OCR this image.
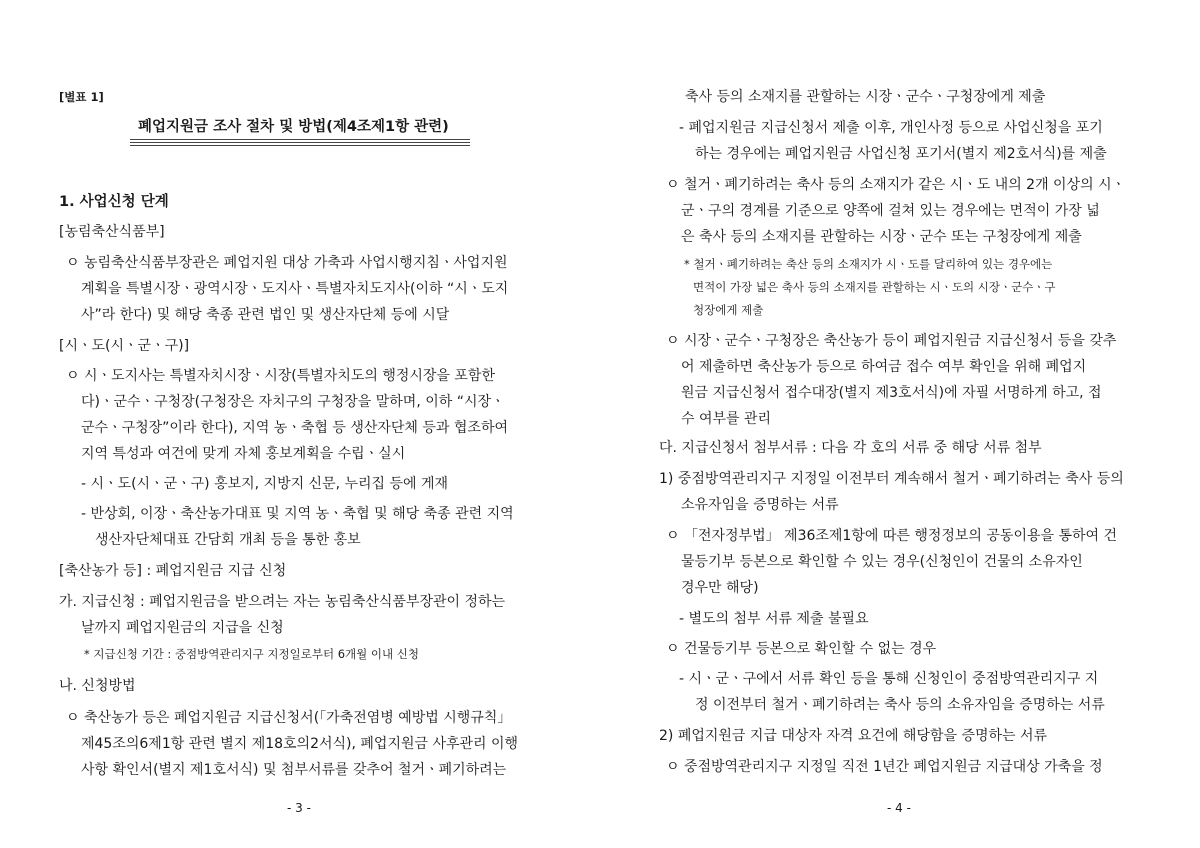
[별표 1]
폐업지원금 조사 절차 및 방법(제4조제1항 관련)
1. 사업신청 단계
[농림축산식품부]
ㅇ 농림축산식품부장관은 폐업지원 대상 가축과 사업시행지침ㆍ사업지원
계획을 특별시장ㆍ광역시장ㆍ도지사ㆍ특별자치도지사(이하 “시ㆍ도지
사”라 한다) 및 해당 축종 관련 법인 및 생산자단체 등에 시달
[시ㆍ도(시ㆍ군ㆍ구)]
ㅇ 시ㆍ도지사는 특별자치시장ㆍ시장(특별자치도의 행정시장을 포함한
다)ㆍ군수ㆍ구청장(구청장은 자치구의 구청장을 말하며, 이하 “시장ㆍ
군수ㆍ구청장”이라 한다), 지역 농ㆍ축협 등 생산자단체 등과 협조하여
지역 특성과 여건에 맞게 자체 홍보계획을 수립ㆍ실시
- 시ㆍ도(시ㆍ군ㆍ구) 홍보지, 지방지 신문, 누리집 등에 게재
- 반상회, 이장ㆍ축산농가대표 및 지역 농ㆍ축협 및 해당 축종 관련 지역
생산자단체대표 간담회 개최 등을 통한 홍보
[축산농가 등] : 폐업지원금 지급 신청
가. 지급신청 : 폐업지원금을 받으려는 자는 농림축산식품부장관이 정하는
날까지 폐업지원금의 지급을 신청
* 지급신청 기간 : 중점방역관리지구 지정일로부터 6개월 이내 신청
나. 신청방법
ㅇ 축산농가 등은 폐업지원금 지급신청서(「가축전염병 예방법 시행규칙」
제45조의6제1항 관련 별지 제18호의2서식), 폐업지원금 사후관리 이행
사항 확인서(별지 제1호서식) 및 첨부서류를 갖추어 철거ㆍ폐기하려는
- 3 -
축사 등의 소재지를 관할하는 시장ㆍ군수ㆍ구청장에게 제출
- 폐업지원금 지급신청서 제출 이후, 개인사정 등으로 사업신청을 포기
하는 경우에는 폐업지원금 사업신청 포기서(별지 제2호서식)를 제출
ㅇ 철거ㆍ폐기하려는 축사 등의 소재지가 같은 시ㆍ도 내의 2개 이상의 시ㆍ
군ㆍ구의 경계를 기준으로 양쪽에 걸쳐 있는 경우에는 면적이 가장 넓
은 축사 등의 소재지를 관할하는 시장ㆍ군수 또는 구청장에게 제출
* 철거ㆍ폐기하려는 축산 등의 소재지가 시ㆍ도를 달리하여 있는 경우에는
면적이 가장 넓은 축사 등의 소재지를 관할하는 시ㆍ도의 시장ㆍ군수ㆍ구
청장에게 제출
ㅇ 시장ㆍ군수ㆍ구청장은 축산농가 등이 폐업지원금 지급신청서 등을 갖추
어 제출하면 축산농가 등으로 하여금 접수 여부 확인을 위해 폐업지
원금 지급신청서 접수대장(별지 제3호서식)에 자필 서명하게 하고, 접
수 여부를 관리
다. 지급신청서 첨부서류 : 다음 각 호의 서류 중 해당 서류 첨부
1) 중점방역관리지구 지정일 이전부터 계속해서 철거ㆍ폐기하려는 축사 등의
소유자임을 증명하는 서류
ㅇ 「전자정부법」 제36조제1항에 따른 행정정보의 공동이용을 통하여 건
물등기부 등본으로 확인할 수 있는 경우(신청인이 건물의 소유자인
경우만 해당)
- 별도의 첨부 서류 제출 불필요
ㅇ 건물등기부 등본으로 확인할 수 없는 경우
- 시ㆍ군ㆍ구에서 서류 확인 등을 통해 신청인이 중점방역관리지구 지
정 이전부터 철거ㆍ폐기하려는 축사 등의 소유자임을 증명하는 서류
2) 폐업지원금 지급 대상자 자격 요건에 해당함을 증명하는 서류
ㅇ 중점방역관리지구 지정일 직전 1년간 폐업지원금 지급대상 가축을 정
- 4 -
